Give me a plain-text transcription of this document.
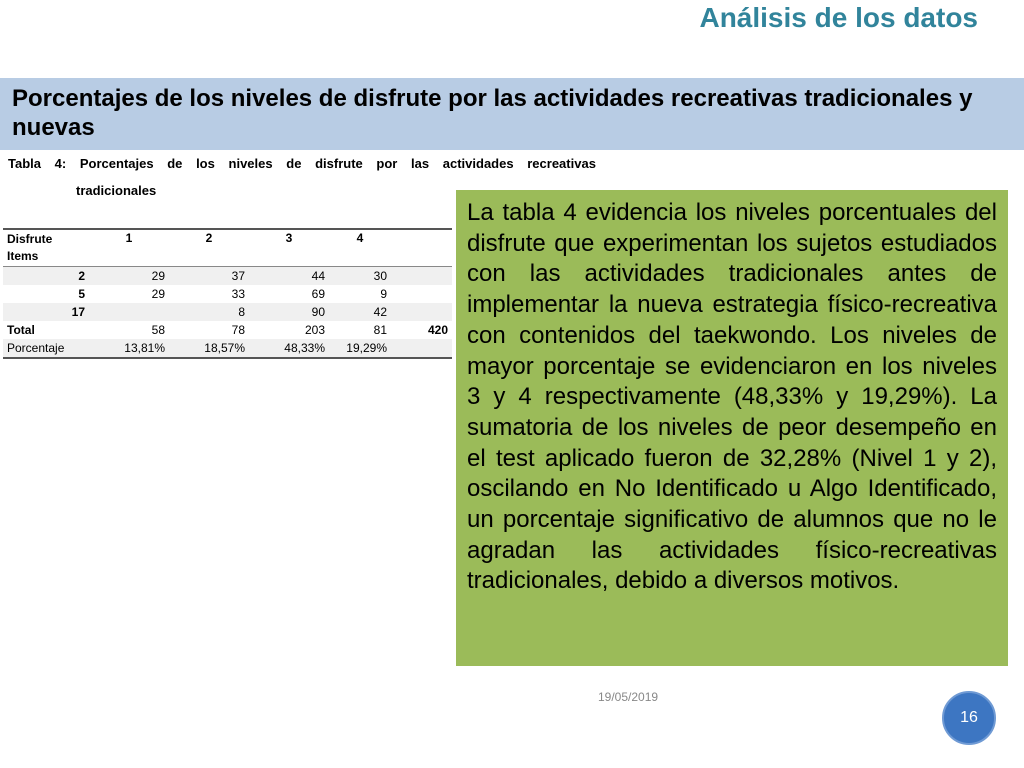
Análisis de los datos
Porcentajes de los niveles de disfrute por las actividades recreativas tradicionales y nuevas
Tabla 4: Porcentajes de los niveles de disfrute por las actividades recreativas
tradicionales
Disfrute
Items	1	2	3	4	
2	29	37	44	30	
5	29	33	69	9	
17		8	90	42	
Total	58	78	203	81	420
Porcentaje	13,81%	18,57%	48,33%	19,29%	

La tabla 4 evidencia los niveles porcentuales del disfrute que experimentan los sujetos estudiados con las actividades tradicionales antes de implementar la nueva estrategia físico-recreativa con contenidos del taekwondo. Los niveles de mayor porcentaje se evidenciaron en los niveles 3 y 4 respectivamente (48,33% y 19,29%). La sumatoria de los niveles de peor desempeño en el test aplicado fueron de 32,28% (Nivel 1 y 2), oscilando en No Identificado u Algo Identificado, un porcentaje significativo de alumnos que no le agradan las actividades físico-recreativas tradicionales, debido a diversos motivos.

19/05/2019
16
